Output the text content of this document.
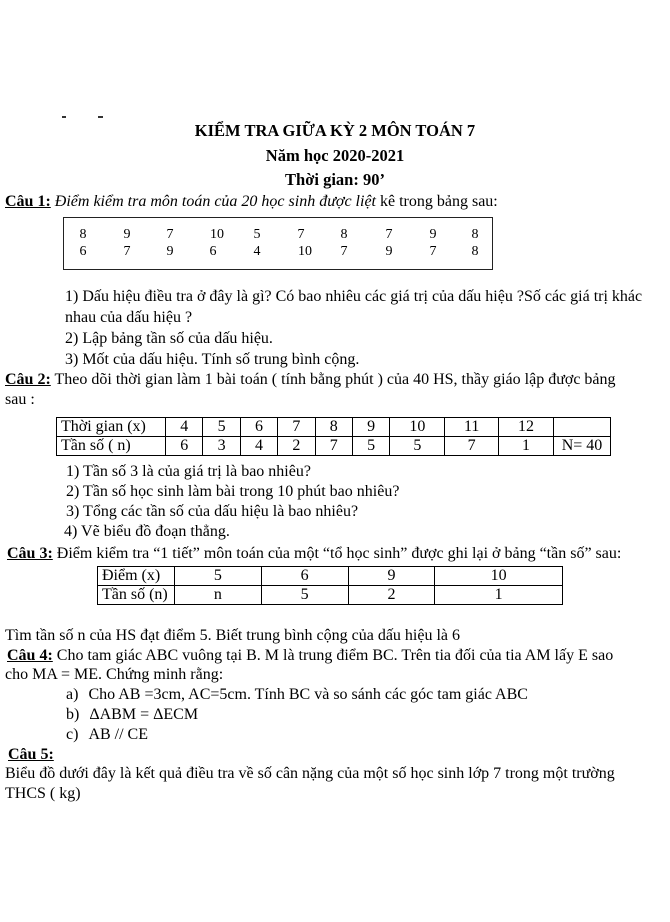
KIỂM TRA GIỮA KỲ 2 MÔN TOÁN 7
Năm học 2020-2021
Thời gian: 90’
Câu 1: Điểm kiểm tra môn toán của 20 học sinh được liệt kê trong bảng sau:
8	9	7	10	5	7	8	7	9	8
6	7	9	6	4	10	7	9	7	8
1) Dấu hiệu điều tra ở đây là gì? Có bao nhiêu các giá trị của dấu hiệu ?Số các giá trị khác
nhau của dấu hiệu ?
2) Lập bảng tần số của dấu hiệu.
3) Mốt của dấu hiệu. Tính số trung bình cộng.
Câu 2: Theo dõi thời gian làm 1 bài toán ( tính bằng phút ) của 40 HS, thầy giáo lập được bảng
sau :
Thời gian (x)	4	5	6	7	8	9	10	11	12	
Tần số ( n)	6	3	4	2	7	5	5	7	1	N= 40
1) Tần số 3 là của giá trị là bao nhiêu?
2) Tần số học sinh làm bài trong 10 phút bao nhiêu?
3) Tổng các tần số của dấu hiệu là bao nhiêu?
4) Vẽ biểu đồ đoạn thẳng.
Câu 3: Điểm kiểm tra “1 tiết” môn toán của một “tổ học sinh” được ghi lại ở bảng “tần số” sau:
Điểm (x)	5	6	9	10
Tần số (n)	n	5	2	1
Tìm tần số n của HS đạt điểm 5. Biết trung bình cộng của dấu hiệu là 6
Câu 4: Cho tam giác ABC vuông tại B. M là trung điểm BC. Trên tia đối của tia AM lấy E sao
cho MA = ME. Chứng minh rằng:
a) Cho AB =3cm, AC=5cm. Tính BC và so sánh các góc tam giác ABC
b) ΔABM = ΔECM
c) AB // CE
Câu 5:
Biểu đồ dưới đây là kết quả điều tra về số cân nặng của một số học sinh lớp 7 trong một trường
THCS ( kg)
